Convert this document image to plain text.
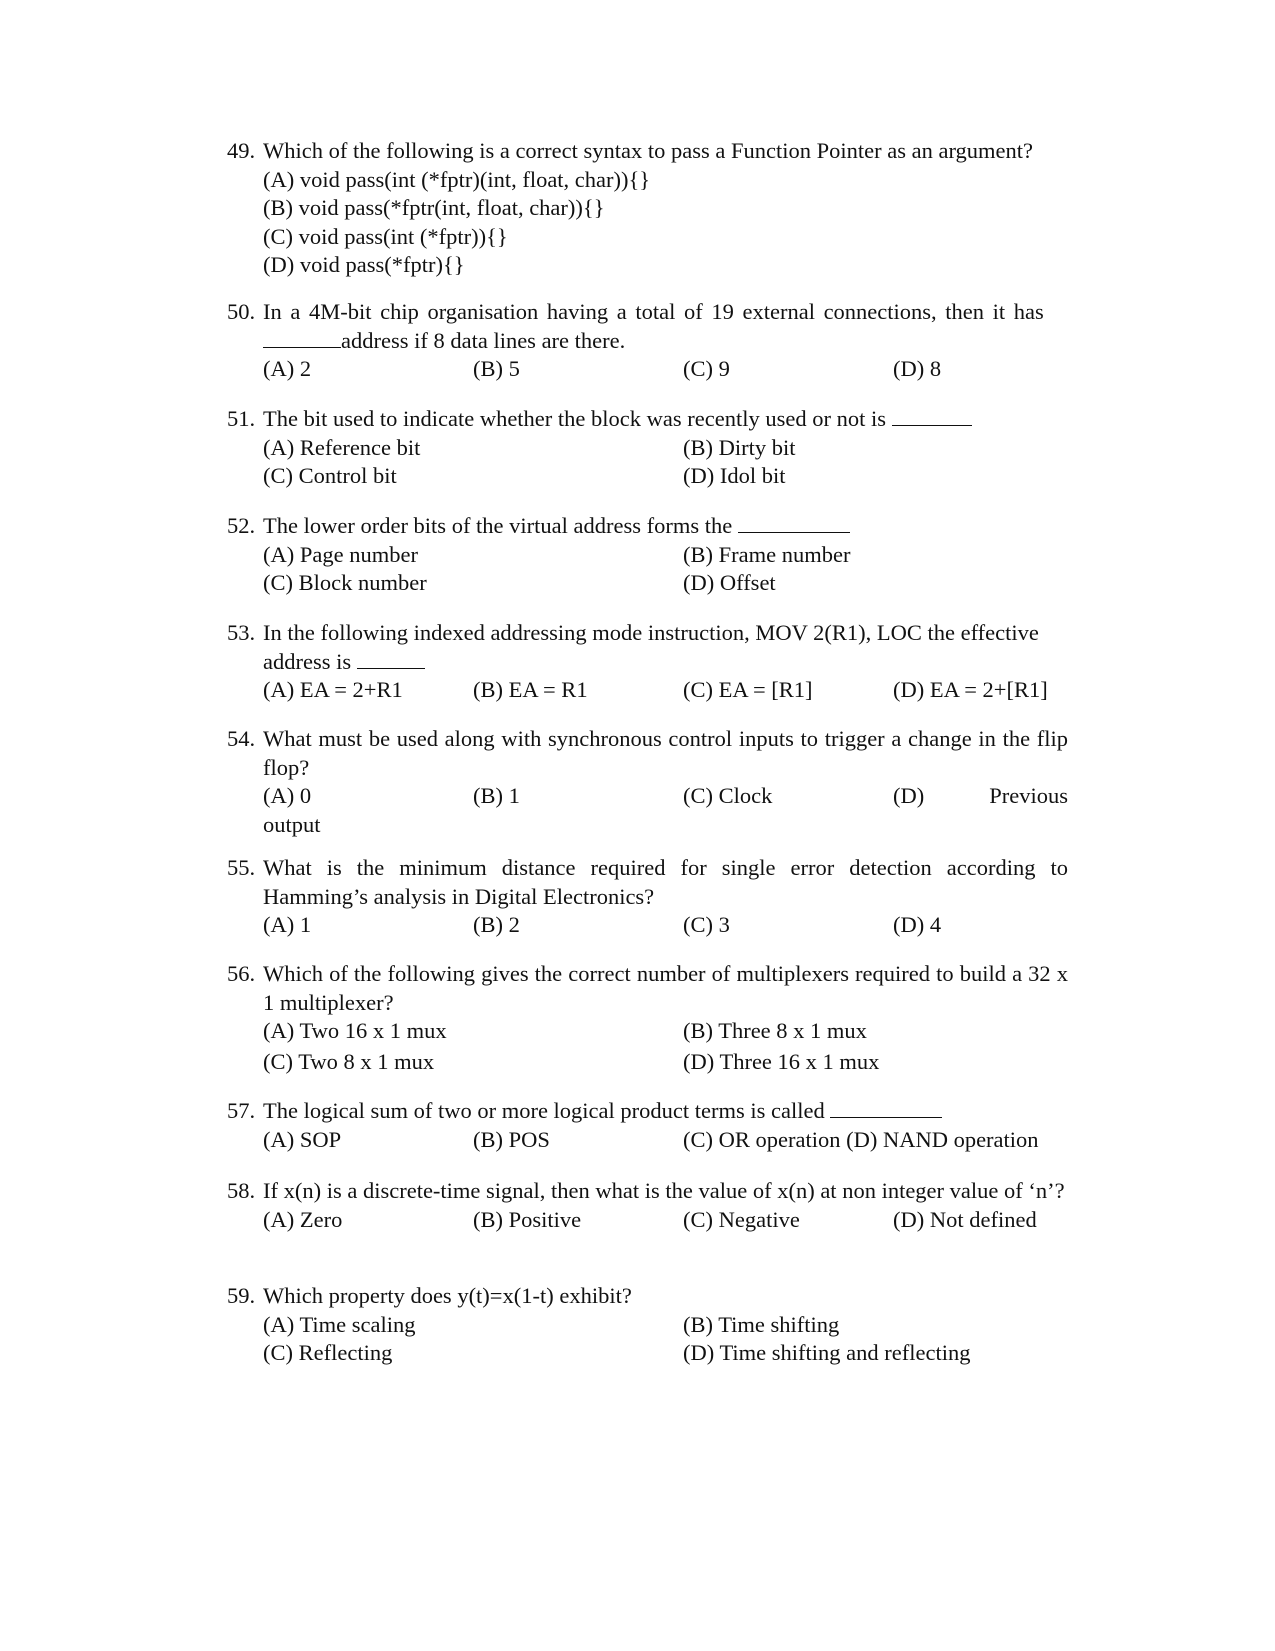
49. Which of the following is a correct syntax to pass a Function Pointer as an argument?
(A) void pass(int (*fptr)(int, float, char)){}
(B) void pass(*fptr(int, float, char)){}
(C) void pass(int (*fptr)){}
(D) void pass(*fptr){}
50. In a 4M-bit chip organisation having a total of 19 external connections, then it has
address if 8 data lines are there.
(A) 2	(B) 5	(C) 9	(D) 8
51. The bit used to indicate whether the block was recently used or not is
(A) Reference bit	(B) Dirty bit
(C) Control bit	(D) Idol bit
52. The lower order bits of the virtual address forms the
(A) Page number	(B) Frame number
(C) Block number	(D) Offset
53. In the following indexed addressing mode instruction, MOV 2(R1), LOC the effective
address is
(A) EA = 2+R1	(B) EA = R1	(C) EA = [R1]	(D) EA = 2+[R1]
54. What must be used along with synchronous control inputs to trigger a change in the flip flop?
(A) 0	(B) 1	(C) Clock	(D)	Previous
output
55. What is the minimum distance required for single error detection according to Hamming’s analysis in Digital Electronics?
(A) 1	(B) 2	(C) 3	(D) 4
56. Which of the following gives the correct number of multiplexers required to build a 32 x 1 multiplexer?
(A) Two 16 x 1 mux	(B) Three 8 x 1 mux
(C) Two 8 x 1 mux	(D) Three 16 x 1 mux
57. The logical sum of two or more logical product terms is called
(A) SOP	(B) POS	(C) OR operation (D) NAND operation
58. If x(n) is a discrete-time signal, then what is the value of x(n) at non integer value of ‘n’?
(A) Zero	(B) Positive	(C) Negative	(D) Not defined
59. Which property does y(t)=x(1-t) exhibit?
(A) Time scaling	(B) Time shifting
(C) Reflecting	(D) Time shifting and reflecting
